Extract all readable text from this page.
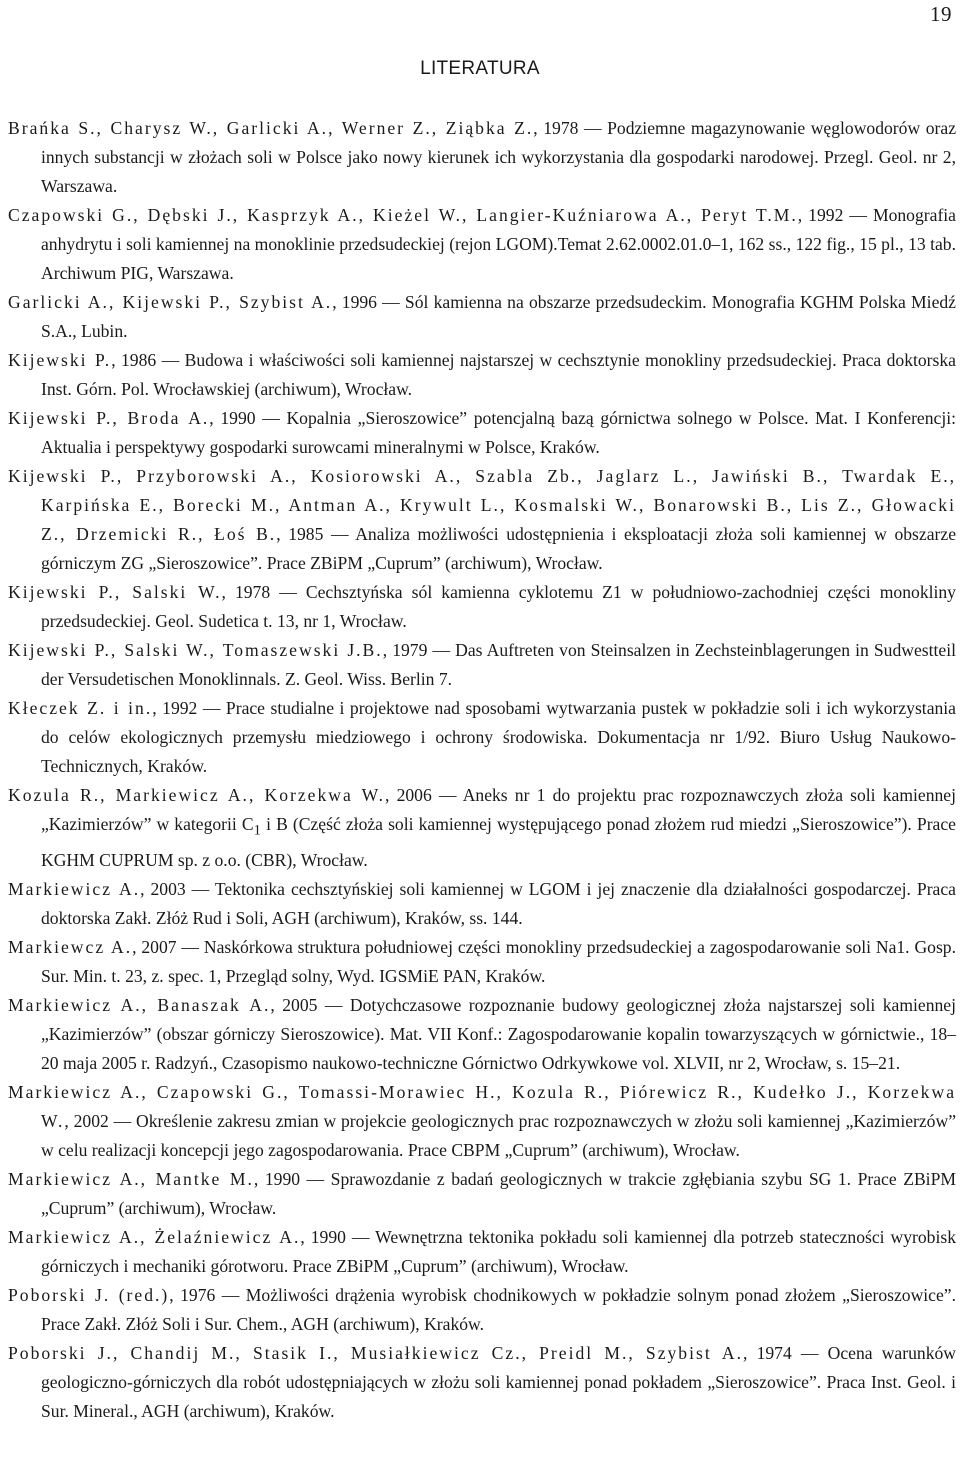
19
LITERATURA

Brańka S., Charysz W., Garlicki A., Werner Z., Ziąbka Z., 1978 — Podziemne magazynowanie węglowodorów oraz innych substancji w złożach soli w Polsce jako nowy kierunek ich wykorzystania dla gospodarki narodowej. Przegl. Geol. nr 2, Warszawa.

Czapowski G., Dębski J., Kasprzyk A., Kieżel W., Langier-Kuźniarowa A., Peryt T.M., 1992 — Monografia anhydrytu i soli kamiennej na monoklinie przedsudeckiej (rejon LGOM).Temat 2.62.0002.01.0–1, 162 ss., 122 fig., 15 pl., 13 tab. Archiwum PIG, Warszawa.

Garlicki A., Kijewski P., Szybist A., 1996 — Sól kamienna na obszarze przedsudeckim. Monografia KGHM Polska Miedź S.A., Lubin.

Kijewski P., 1986 — Budowa i właściwości soli kamiennej najstarszej w cechsztynie monokliny przedsudeckiej. Praca doktorska Inst. Górn. Pol. Wrocławskiej (archiwum), Wrocław.

Kijewski P., Broda A., 1990 — Kopalnia „Sieroszowice” potencjalną bazą górnictwa solnego w Polsce. Mat. I Konferencji: Aktualia i perspektywy gospodarki surowcami mineralnymi w Polsce, Kraków.

Kijewski P., Przyborowski A., Kosiorowski A., Szabla Zb., Jaglarz L., Jawiński B., Twardak E., Karpińska E., Borecki M., Antman A., Krywult L., Kosmalski W., Bonarowski B., Lis Z., Głowacki Z., Drzemicki R., Łoś B., 1985 — Analiza możliwości udostępnienia i eksploatacji złoża soli kamiennej w obszarze górniczym ZG „Sieroszowice”. Prace ZBiPM „Cuprum” (archiwum), Wrocław.

Kijewski P., Salski W., 1978 — Cechsztyńska sól kamienna cyklotemu Z1 w południowo-zachodniej części monokliny przedsudeckiej. Geol. Sudetica t. 13, nr 1, Wrocław.

Kijewski P., Salski W., Tomaszewski J.B., 1979 — Das Auftreten von Steinsalzen in Zechsteinblagerungen in Sudwestteil der Versudetischen Monoklinnals. Z. Geol. Wiss. Berlin 7.

Kłeczek Z. i in., 1992 — Prace studialne i projektowe nad sposobami wytwarzania pustek w pokładzie soli i ich wykorzystania do celów ekologicznych przemysłu miedziowego i ochrony środowiska. Dokumentacja nr 1/92. Biuro Usług Naukowo-Technicznych, Kraków.

Kozula R., Markiewicz A., Korzekwa W., 2006 — Aneks nr 1 do projektu prac rozpoznawczych złoża soli kamiennej „Kazimierzów” w kategorii $C_1$ i B (Część złoża soli kamiennej występującego ponad złożem rud miedzi „Sieroszowice”). Prace KGHM CUPRUM sp. z o.o. (CBR), Wrocław.

Markiewicz A., 2003 — Tektonika cechsztyńskiej soli kamiennej w LGOM i jej znaczenie dla działalności gospodarczej. Praca doktorska Zakł. Złóż Rud i Soli, AGH (archiwum), Kraków, ss. 144.

Markiewcz A., 2007 — Naskórkowa struktura południowej części monokliny przedsudeckiej a zagospodarowanie soli Na1. Gosp. Sur. Min. t. 23, z. spec. 1, Przegląd solny, Wyd. IGSMiE PAN, Kraków.

Markiewicz A., Banaszak A., 2005 — Dotychczasowe rozpoznanie budowy geologicznej złoża najstarszej soli kamiennej „Kazimierzów” (obszar górniczy Sieroszowice). Mat. VII Konf.: Zagospodarowanie kopalin towarzyszących w górnictwie., 18–20 maja 2005 r. Radzyń., Czasopismo naukowo-techniczne Górnictwo Odrkywkowe vol. XLVII, nr 2, Wrocław, s. 15–21.

Markiewicz A., Czapowski G., Tomassi-Morawiec H., Kozula R., Piórewicz R., Kudełko J., Korzekwa W., 2002 — Określenie zakresu zmian w projekcie geologicznych prac rozpoznawczych w złożu soli kamiennej „Kazimierzów” w celu realizacji koncepcji jego zagospodarowania. Prace CBPM „Cuprum” (archiwum), Wrocław.

Markiewicz A., Mantke M., 1990 — Sprawozdanie z badań geologicznych w trakcie zgłębiania szybu SG 1. Prace ZBiPM „Cuprum” (archiwum), Wrocław.

Markiewicz A., Żelaźniewicz A., 1990 — Wewnętrzna tektonika pokładu soli kamiennej dla potrzeb stateczności wyrobisk górniczych i mechaniki górotworu. Prace ZBiPM „Cuprum” (archiwum), Wrocław.

Poborski J. (red.), 1976 — Możliwości drążenia wyrobisk chodnikowych w pokładzie solnym ponad złożem „Sieroszowice”. Prace Zakł. Złóż Soli i Sur. Chem., AGH (archiwum), Kraków.

Poborski J., Chandij M., Stasik I., Musiałkiewicz Cz., Preidl M., Szybist A., 1974 — Ocena warunków geologiczno-górniczych dla robót udostępniających w złożu soli kamiennej ponad pokładem „Sieroszowice”. Praca Inst. Geol. i Sur. Mineral., AGH (archiwum), Kraków.
